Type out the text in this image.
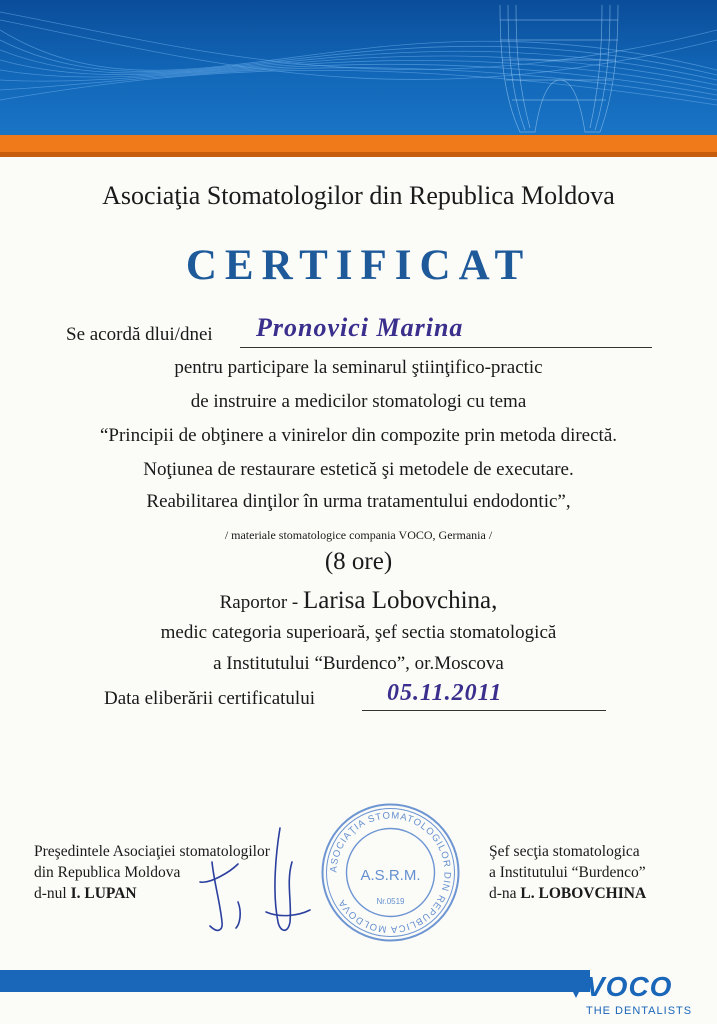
Asociaţia Stomatologilor din Republica Moldova
CERTIFICAT
Se acordă dlui/dnei Pronovici Marina
pentru participare la seminarul ştiinţifico-practic
de instruire a medicilor stomatologi cu tema
“Principii de obţinere a vinirelor din compozite prin metoda directă.
Noţiunea de restaurare estetică şi metodele de executare.
Reabilitarea dinţilor în urma tratamentului endodontic”,
/ materiale stomatologice compania VOCO, Germania /
(8 ore)
Raportor - Larisa Lobovchina,
medic categoria superioară, şef sectia stomatologică
a Institutului “Burdenco”, or.Moscova
Data eliberării certificatului	05.11.2011
Preşedintele Asociaţiei stomatologilor
din Republica Moldova
d-nul I. LUPAN
Şef secţia stomatologica
a Institutului “Burdenco”
d-na L. LOBOVCHINA
ASOCIAŢIA STOMATOLOGILOR DIN REPUBLICA MOLDOVA
A.S.R.M.
Nr.0519
VOCO
THE DENTALISTS
